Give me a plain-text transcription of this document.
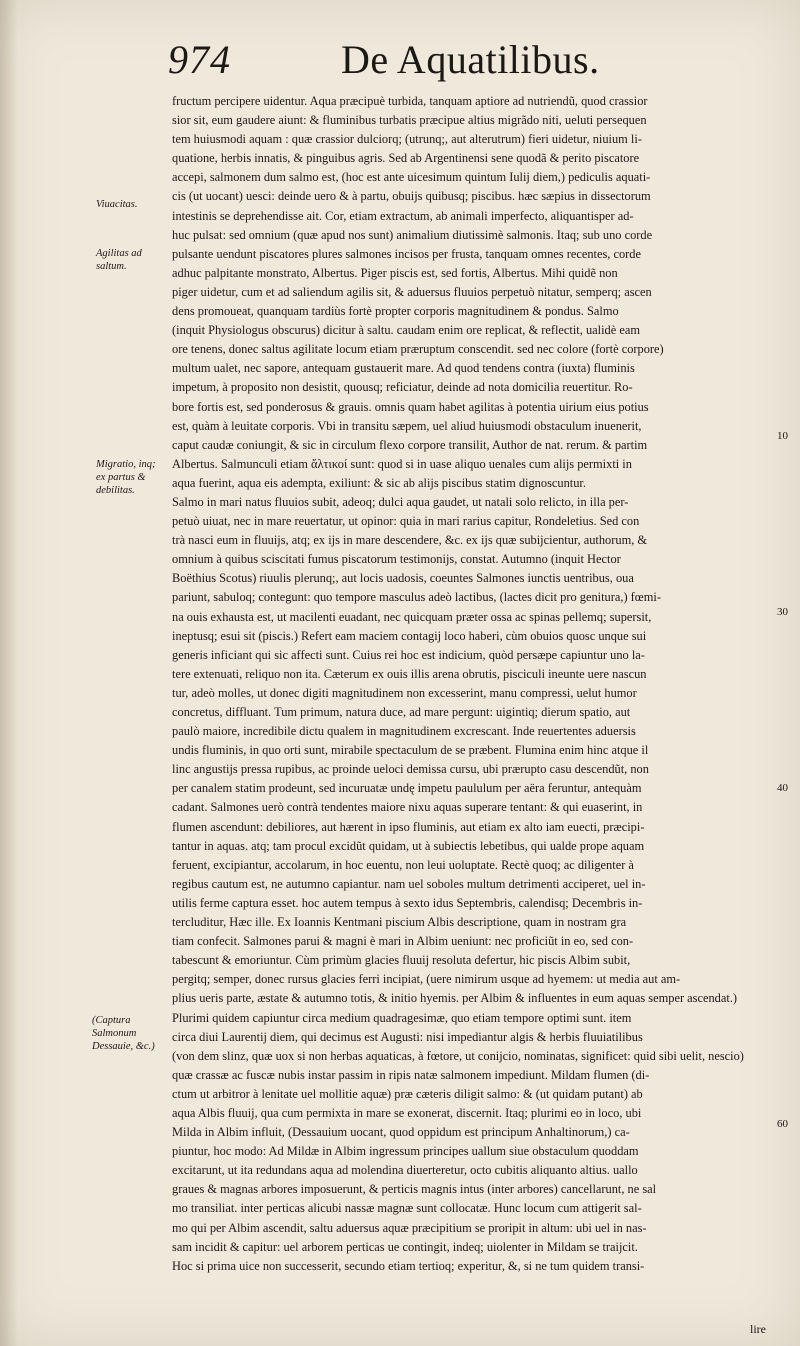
974	De Aquatilibus.
Viuacitas.
Agilitas ad saltum.
Migratio, inq; ex partus & debilitas.
(Captura Salmonum Dessauie, &c.)
fructum percipere uidentur. Aqua præcipuè turbida, tanquam aptiore ad nutriendũ, quod crassior
sior sit, eum gaudere aiunt: & fluminibus turbatis præcipue altius migrãdo niti, ueluti persequen
tem huiusmodi aquam : quæ crassior dulciorq; (utrunq;, aut alterutrum) fieri uidetur, niuium li-
quatione, herbis innatis, & pinguibus agris. Sed ab Argentinensi sene quodã & perito piscatore
accepi, salmonem dum salmo est, (hoc est ante uicesimum quintum Iulij diem,) pediculis aquati-
cis (ut uocant) uesci: deinde uero & à partu, obuijs quibusq; piscibus. hæc sæpius in dissectorum
intestinis se deprehendisse ait. Cor, etiam extractum, ab animali imperfecto, aliquantisper ad-
huc pulsat: sed omnium (quæ apud nos sunt) animalium diutissimè salmonis. Itaq; sub uno corde
pulsante uendunt piscatores plures salmones incisos per frusta, tanquam omnes recentes, corde
adhuc palpitante monstrato, Albertus. Piger piscis est, sed fortis, Albertus. Mihi quidẽ non
piger uidetur, cum et ad saliendum agilis sit, & aduersus fluuios perpetuò nitatur, semperq; ascen
dens promoueat, quanquam tardiùs fortè propter corporis magnitudinem & pondus. Salmo
(inquit Physiologus obscurus) dicitur à saltu. caudam enim ore replicat, & reflectit, ualidè eam
ore tenens, donec saltus agilitate locum etiam præruptum conscendit. sed nec colore (fortè corpore)
multum ualet, nec sapore, antequam gustauerit mare. Ad quod tendens contra (iuxta) fluminis
impetum, à proposito non desistit, quousq; reficiatur, deinde ad nota domicilia reuertitur. Ro-
bore fortis est, sed ponderosus & grauis. omnis quam habet agilitas à potentia uirium eius potius
est, quàm à leuitate corporis. Vbi in transitu sæpem, uel aliud huiusmodi obstaculum inuenerit,
caput caudæ coniungit, & sic in circulum flexo corpore transilit, Author de nat. rerum. & partim
Albertus. Salmunculi etiam ἄλτικοί sunt: quod si in uase aliquo uenales cum alijs permixti in
aqua fuerint, aqua eis adempta, exiliunt: & sic ab alijs piscibus statim dignoscuntur.
Salmo in mari natus fluuios subit, adeoq; dulci aqua gaudet, ut natali solo relicto, in illa per-
petuò uiuat, nec in mare reuertatur, ut opinor: quia in mari rarius capitur, Rondeletius. Sed con
trà nasci eum in fluuijs, atq; ex ijs in mare descendere, &c. ex ijs quæ subijcientur, authorum, &
omnium à quibus sciscitati fumus piscatorum testimonijs, constat. Autumno (inquit Hector
Boëthius Scotus) riuulis plerunq;, aut locis uadosis, coeuntes Salmones iunctis uentribus, oua
pariunt, sabuloq; contegunt: quo tempore masculus adeò lactibus, (lactes dicit pro genitura,) fœmi-
na ouis exhausta est, ut macilenti euadant, nec quicquam præter ossa ac spinas pellemq; supersit,
ineptusq; esui sit (piscis.) Refert eam maciem contagij loco haberi, cùm obuios quosc unque sui
generis inficiant qui sic affecti sunt. Cuius rei hoc est indicium, quòd persæpe capiuntur uno la-
tere extenuati, reliquo non ita. Cæterum ex ouis illis arena obrutis, pisciculi ineunte uere nascun
tur, adeò molles, ut donec digiti magnitudinem non excesserint, manu compressi, uelut humor
concretus, diffluant. Tum primum, natura duce, ad mare pergunt: uigintiq; dierum spatio, aut
paulò maiore, incredibile dictu qualem in magnitudinem excrescant. Inde reuertentes aduersis
undis fluminis, in quo orti sunt, mirabile spectaculum de se præbent. Flumina enim hinc atque il
linc angustijs pressa rupibus, ac proinde ueloci demissa cursu, ubi prærupto casu descendũt, non
per canalem statim prodeunt, sed incuruatæ undę impetu paululum per aëra feruntur, antequàm
cadant. Salmones uerò contrà tendentes maiore nixu aquas superare tentant: & qui euaserint, in
flumen ascendunt: debiliores, aut hærent in ipso fluminis, aut etiam ex alto iam euecti, præcipi-
tantur in aquas. atq; tam procul excidũt quidam, ut à subiectis lebetibus, qui ualde prope aquam
feruent, excipiantur, accolarum, in hoc euentu, non leui uoluptate. Rectè quoq; ac diligenter à
regibus cautum est, ne autumno capiantur. nam uel soboles multum detrimenti acciperet, uel in-
utilis ferme captura esset. hoc autem tempus à sexto idus Septembris, calendisq; Decembris in-
tercluditur, Hæc ille. Ex Ioannis Kentmani piscium Albis descriptione, quam in nostram gra
tiam confecit. Salmones parui & magni è mari in Albim ueniunt: nec proficiũt in eo, sed con-
tabescunt & emoriuntur. Cùm primùm glacies fluuij resoluta defertur, hic piscis Albim subit,
pergitq; semper, donec rursus glacies ferri incipiat, (uere nimirum usque ad hyemem: ut media aut am-
plius ueris parte, æstate & autumno totis, & initio hyemis. per Albim & influentes in eum aquas semper ascendat.)
Plurimi quidem capiuntur circa medium quadragesimæ, quo etiam tempore optimi sunt. item
circa diui Laurentij diem, qui decimus est Augusti: nisi impediantur algis & herbis fluuiatilibus
(von dem slinz, quæ uox si non herbas aquaticas, à fœtore, ut conijcio, nominatas, significet: quid sibi uelit, nescio)
quæ crassæ ac fuscæ nubis instar passim in ripis natæ salmonem impediunt. Mildam flumen (di-
ctum ut arbitror à lenitate uel mollitie aquæ) præ cæteris diligit salmo: & (ut quidam putant) ab
aqua Albis fluuij, qua cum permixta in mare se exonerat, discernit. Itaq; plurimi eo in loco, ubi
Milda in Albim influit, (Dessauium uocant, quod oppidum est principum Anhaltinorum,) ca-
piuntur, hoc modo: Ad Mildæ in Albim ingressum principes uallum siue obstaculum quoddam
excitarunt, ut ita redundans aqua ad molendina diuerteretur, octo cubitis aliquanto altius. uallo
graues & magnas arbores imposuerunt, & perticis magnis intus (inter arbores) cancellarunt, ne sal
mo transiliat. inter perticas alicubi nassæ magnæ sunt collocatæ. Hunc locum cum attigerit sal-
mo qui per Albim ascendit, saltu aduersus aquæ præcipitium se proripit in altum: ubi uel in nas-
sam incidit & capitur: uel arborem perticas ue contingit, indeq; uiolenter in Mildam se traijcit.
Hoc si prima uice non successerit, secundo etiam tertioq; experitur, &, si ne tum quidem transi-
10
30
40
60
lire
